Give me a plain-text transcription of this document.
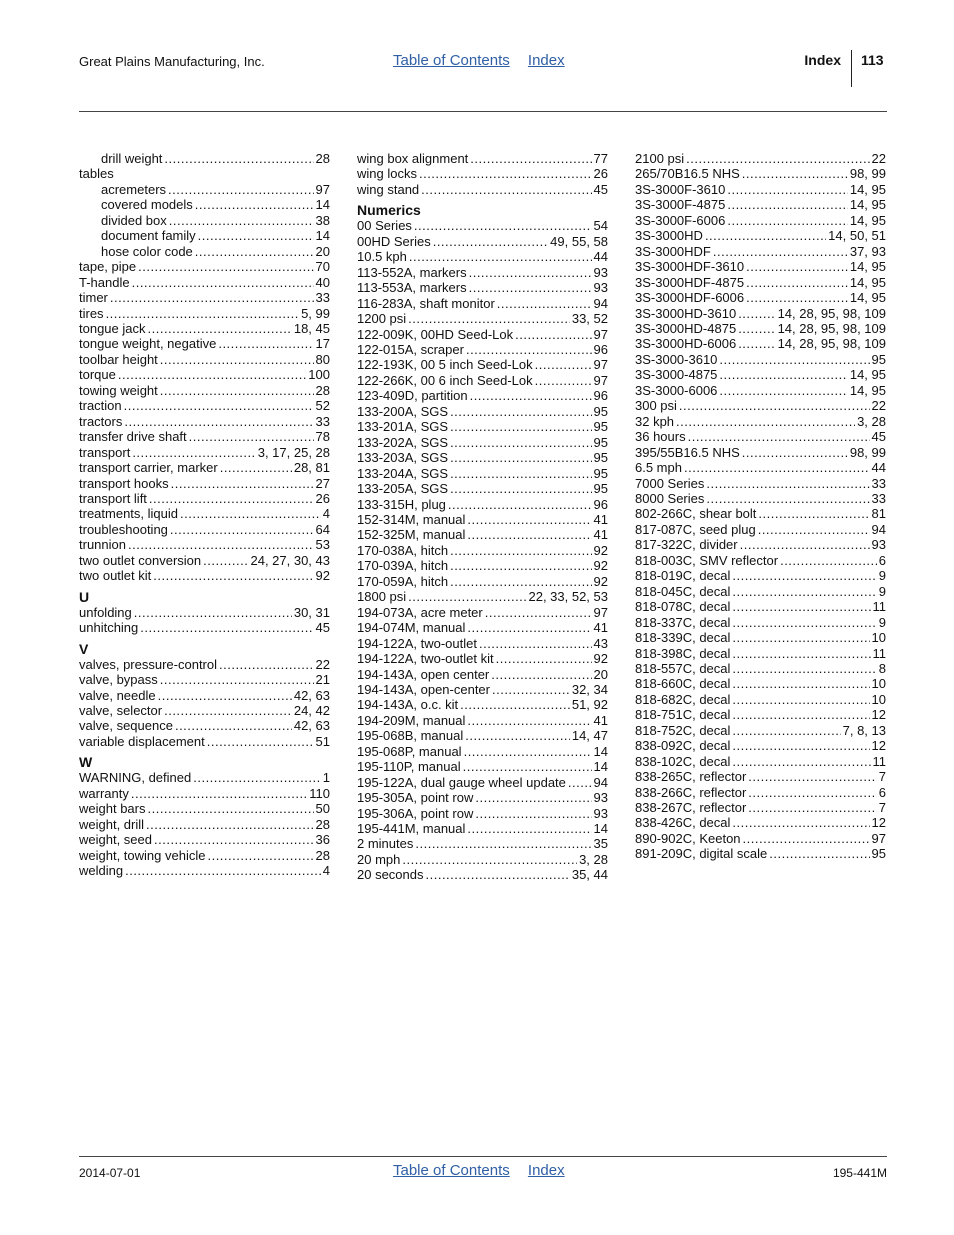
Great Plains Manufacturing, Inc.	Table of Contents Index	Index 113
drill weight .....	28
tables
acremeters .....	97
covered models .....	14
divided box .....	38
document family .....	14
hose color code .....	20
tape, pipe .....	70
T-handle .....	40
timer .....	33
tires .....	5, 99
tongue jack .....	18, 45
tongue weight, negative .....	17
toolbar height .....	80
torque .....	100
towing weight .....	28
traction .....	52
tractors .....	33
transfer drive shaft .....	78
transport .....	3, 17, 25, 28
transport carrier, marker .....	28, 81
transport hooks .....	27
transport lift .....	26
treatments, liquid .....	4
troubleshooting .....	64
trunnion .....	53
two outlet conversion .....	24, 27, 30, 43
two outlet kit .....	92
U
unfolding .....	30, 31
unhitching .....	45
V
valves, pressure-control .....	22
valve, bypass .....	21
valve, needle .....	42, 63
valve, selector .....	24, 42
valve, sequence .....	42, 63
variable displacement .....	51
W
WARNING, defined .....	1
warranty .....	110
weight bars .....	50
weight, drill .....	28
weight, seed .....	36
weight, towing vehicle .....	28
welding .....	4
wing box alignment .....	77
wing locks .....	26
wing stand .....	45
Numerics
00 Series .....	54
00HD Series .....	49, 55, 58
10.5 kph .....	44
113-552A, markers .....	93
113-553A, markers .....	93
116-283A, shaft monitor .....	94
1200 psi .....	33, 52
122-009K, 00HD Seed-Lok .....	97
122-015A, scraper .....	96
122-193K, 00 5 inch Seed-Lok .....	97
122-266K, 00 6 inch Seed-Lok .....	97
123-409D, partition .....	96
133-200A, SGS .....	95
133-201A, SGS .....	95
133-202A, SGS .....	95
133-203A, SGS .....	95
133-204A, SGS .....	95
133-205A, SGS .....	95
133-315H, plug .....	96
152-314M, manual .....	41
152-325M, manual .....	41
170-038A, hitch .....	92
170-039A, hitch .....	92
170-059A, hitch .....	92
1800 psi .....	22, 33, 52, 53
194-073A, acre meter .....	97
194-074M, manual .....	41
194-122A, two-outlet .....	43
194-122A, two-outlet kit .....	92
194-143A, open center .....	20
194-143A, open-center .....	32, 34
194-143A, o.c. kit .....	51, 92
194-209M, manual .....	41
195-068B, manual .....	14, 47
195-068P, manual .....	14
195-110P, manual .....	14
195-122A, dual gauge wheel update ..... 94
195-305A, point row .....	93
195-306A, point row .....	93
195-441M, manual .....	14
2 minutes .....	35
20 mph .....	3, 28
20 seconds .....	35, 44
2100 psi .....	22
265/70B16.5 NHS .....	98, 99
3S-3000F-3610 .....	14, 95
3S-3000F-4875 .....	14, 95
3S-3000F-6006 .....	14, 95
3S-3000HD .....	14, 50, 51
3S-3000HDF .....	37, 93
3S-3000HDF-3610 .....	14, 95
3S-3000HDF-4875 .....	14, 95
3S-3000HDF-6006 .....	14, 95
3S-3000HD-3610 .....	14, 28, 95, 98, 109
3S-3000HD-4875 .....	14, 28, 95, 98, 109
3S-3000HD-6006 .....	14, 28, 95, 98, 109
3S-3000-3610 .....	95
3S-3000-4875 .....	14, 95
3S-3000-6006 .....	14, 95
300 psi .....	22
32 kph .....	3, 28
36 hours .....	45
395/55B16.5 NHS .....	98, 99
6.5 mph .....	44
7000 Series .....	33
8000 Series .....	33
802-266C, shear bolt .....	81
817-087C, seed plug .....	94
817-322C, divider .....	93
818-003C, SMV reflector .....	6
818-019C, decal .....	9
818-045C, decal .....	9
818-078C, decal .....	11
818-337C, decal .....	9
818-339C, decal .....	10
818-398C, decal .....	11
818-557C, decal .....	8
818-660C, decal .....	10
818-682C, decal .....	10
818-751C, decal .....	12
818-752C, decal .....	7, 8, 13
838-092C, decal .....	12
838-102C, decal .....	11
838-265C, reflector .....	7
838-266C, reflector .....	6
838-267C, reflector .....	7
838-426C, decal .....	12
890-902C, Keeton .....	97
891-209C, digital scale .....	95
2014-07-01	Table of Contents Index	195-441M
